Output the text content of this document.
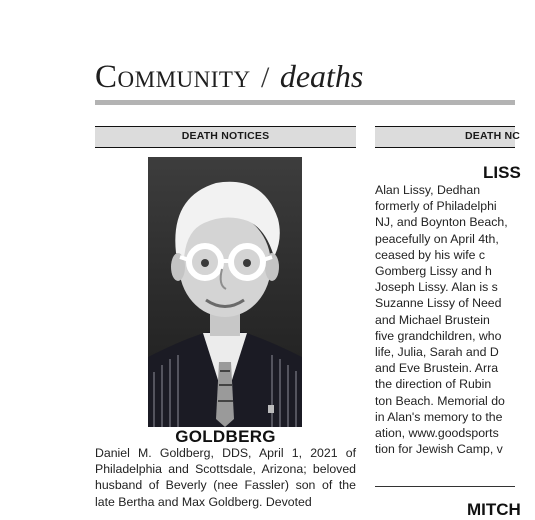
Community / deaths
DEATH NOTICES	DEATH NC
GOLDBERG
Daniel M. Goldberg, DDS, April 1, 2021 of Philadelphia and Scottsdale, Arizona; beloved husband of Beverly (nee Fassler) son of the late Bertha and Max Goldberg. Devoted
LISS
Alan Lissy, Dedhan
formerly of Philadelphi
NJ, and Boynton Beach,
peacefully on April 4th,
ceased by his wife c
Gomberg Lissy and h
Joseph Lissy. Alan is s
Suzanne Lissy of Need
and Michael Brustein
five grandchildren, who
life, Julia, Sarah and D
and Eve Brustein. Arra
the direction of Rubin
ton Beach. Memorial do
in Alan's memory to the
ation, www.goodsports
tion for Jewish Camp, v
MITCH
